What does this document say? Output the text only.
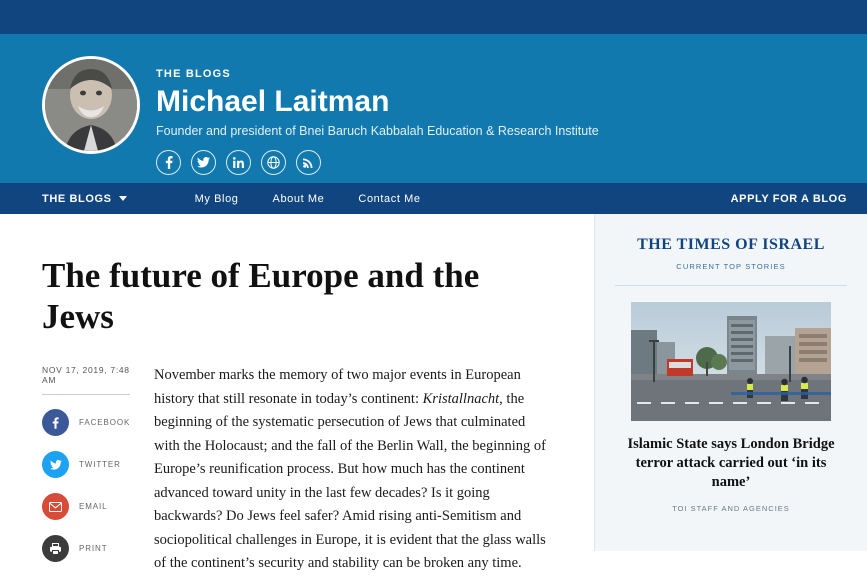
THE BLOGS
Michael Laitman
Founder and president of Bnei Baruch Kabbalah Education & Research Institute
THE BLOGS	My Blog	About Me	Contact Me	APPLY FOR A BLOG
The future of Europe and the Jews
NOV 17, 2019, 7:48 AM
FACEBOOK
TWITTER
EMAIL
PRINT
November marks the memory of two major events in European history that still resonate in today’s continent: Kristallnacht, the beginning of the systematic persecution of Jews that culminated with the Holocaust; and the fall of the Berlin Wall, the beginning of Europe’s reunification process. But how much has the continent advanced toward unity in the last few decades? Is it going backwards? Do Jews feel safer? Amid rising anti-Semitism and sociopolitical challenges in Europe, it is evident that the glass walls of the continent’s security and stability can be broken any time.
THE TIMES OF ISRAEL
CURRENT TOP STORIES
Islamic State says London Bridge terror attack carried out ‘in its name’
TOI STAFF AND AGENCIES
